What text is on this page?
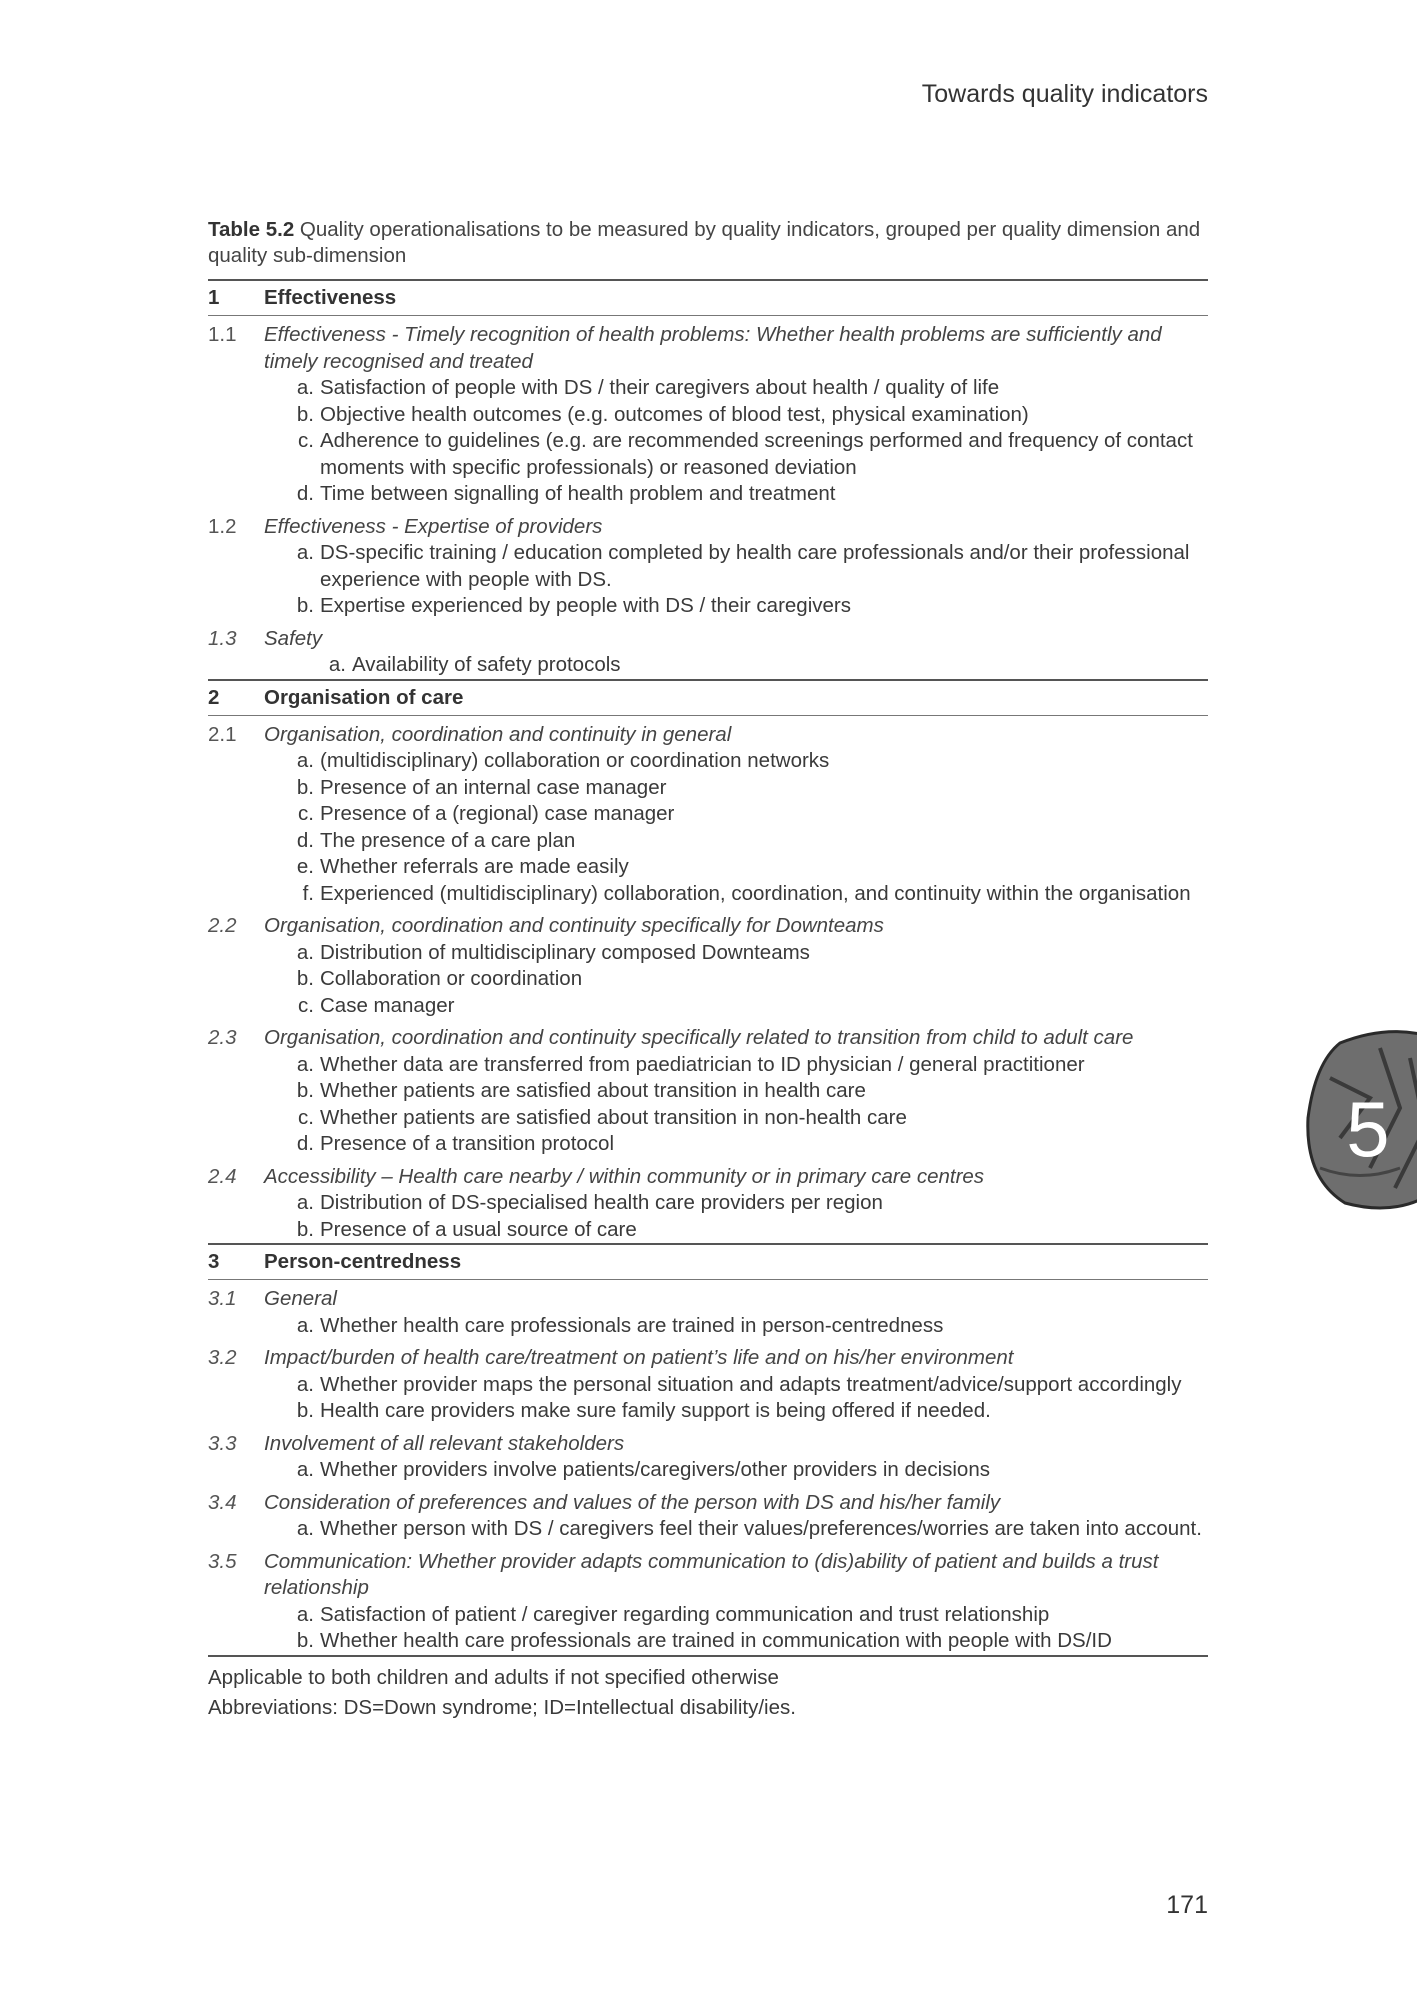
Towards quality indicators
Table 5.2 Quality operationalisations to be measured by quality indicators, grouped per quality dimension and quality sub-dimension
1	Effectiveness
1.1	Effectiveness - Timely recognition of health problems: Whether health problems are sufficiently and timely recognised and treated
a. Satisfaction of people with DS / their caregivers about health / quality of life
b. Objective health outcomes (e.g. outcomes of blood test, physical examination)
c. Adherence to guidelines (e.g. are recommended screenings performed and frequency of contact moments with specific professionals) or reasoned deviation
d. Time between signalling of health problem and treatment
1.2	Effectiveness - Expertise of providers
a. DS-specific training / education completed by health care professionals and/or their professional experience with people with DS.
b. Expertise experienced by people with DS / their caregivers
1.3	Safety
a. Availability of safety protocols
2	Organisation of care
2.1	Organisation, coordination and continuity in general
a. (multidisciplinary) collaboration or coordination networks
b. Presence of an internal case manager
c. Presence of a (regional) case manager
d. The presence of a care plan
e. Whether referrals are made easily
f. Experienced (multidisciplinary) collaboration, coordination, and continuity within the organisation
2.2	Organisation, coordination and continuity specifically for Downteams
a. Distribution of multidisciplinary composed Downteams
b. Collaboration or coordination
c. Case manager
2.3	Organisation, coordination and continuity specifically related to transition from child to adult care
a. Whether data are transferred from paediatrician to ID physician / general practitioner
b. Whether patients are satisfied about transition in health care
c. Whether patients are satisfied about transition in non-health care
d. Presence of a transition protocol
2.4	Accessibility – Health care nearby / within community or in primary care centres
a. Distribution of DS-specialised health care providers per region
b. Presence of a usual source of care
3	Person-centredness
3.1	General
a. Whether health care professionals are trained in person-centredness
3.2	Impact/burden of health care/treatment on patient’s life and on his/her environment
a. Whether provider maps the personal situation and adapts treatment/advice/support accordingly
b. Health care providers make sure family support is being offered if needed.
3.3	Involvement of all relevant stakeholders
a. Whether providers involve patients/caregivers/other providers in decisions
3.4	Consideration of preferences and values of the person with DS and his/her family
a. Whether person with DS / caregivers feel their values/preferences/worries are taken into account.
3.5	Communication: Whether provider adapts communication to (dis)ability of patient and builds a trust relationship
a. Satisfaction of patient / caregiver regarding communication and trust relationship
b. Whether health care professionals are trained in communication with people with DS/ID
Applicable to both children and adults if not specified otherwise
Abbreviations: DS=Down syndrome; ID=Intellectual disability/ies.
5
171
